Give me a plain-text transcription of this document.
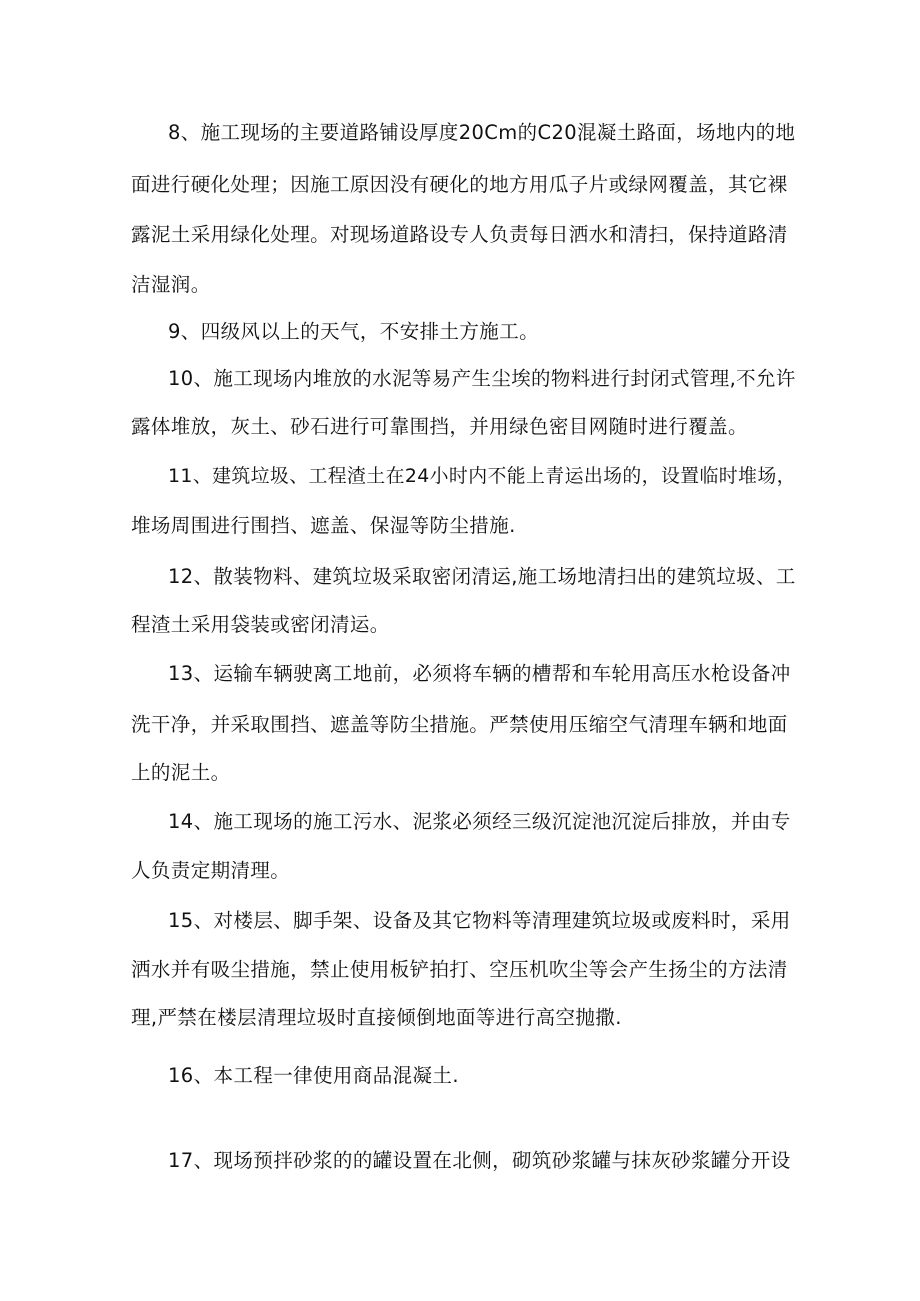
8、施工现场的主要道路铺设厚度20Cm的C20混凝土路面，场地内的地
面进行硬化处理；因施工原因没有硬化的地方用瓜子片或绿网覆盖，其它裸
露泥土采用绿化处理。对现场道路设专人负责每日洒水和清扫，保持道路清
洁湿润。
9、四级风以上的天气，不安排土方施工。
10、施工现场内堆放的水泥等易产生尘埃的物料进行封闭式管理,不允许
露体堆放，灰土、砂石进行可靠围挡，并用绿色密目网随时进行覆盖。
11、建筑垃圾、工程渣土在24小时内不能上青运出场的，设置临时堆场，
堆场周围进行围挡、遮盖、保湿等防尘措施.
12、散装物料、建筑垃圾采取密闭清运,施工场地清扫出的建筑垃圾、工
程渣土采用袋装或密闭清运。
13、运输车辆驶离工地前，必须将车辆的槽帮和车轮用高压水枪设备冲
洗干净，并采取围挡、遮盖等防尘措施。严禁使用压缩空气清理车辆和地面
上的泥土。
14、施工现场的施工污水、泥浆必须经三级沉淀池沉淀后排放，并由专
人负责定期清理。
15、对楼层、脚手架、设备及其它物料等清理建筑垃圾或废料时，采用
洒水并有吸尘措施，禁止使用板铲拍打、空压机吹尘等会产生扬尘的方法清
理,严禁在楼层清理垃圾时直接倾倒地面等进行高空抛撒.
16、本工程一律使用商品混凝土.
17、现场预拌砂浆的的罐设置在北侧，砌筑砂浆罐与抹灰砂浆罐分开设
